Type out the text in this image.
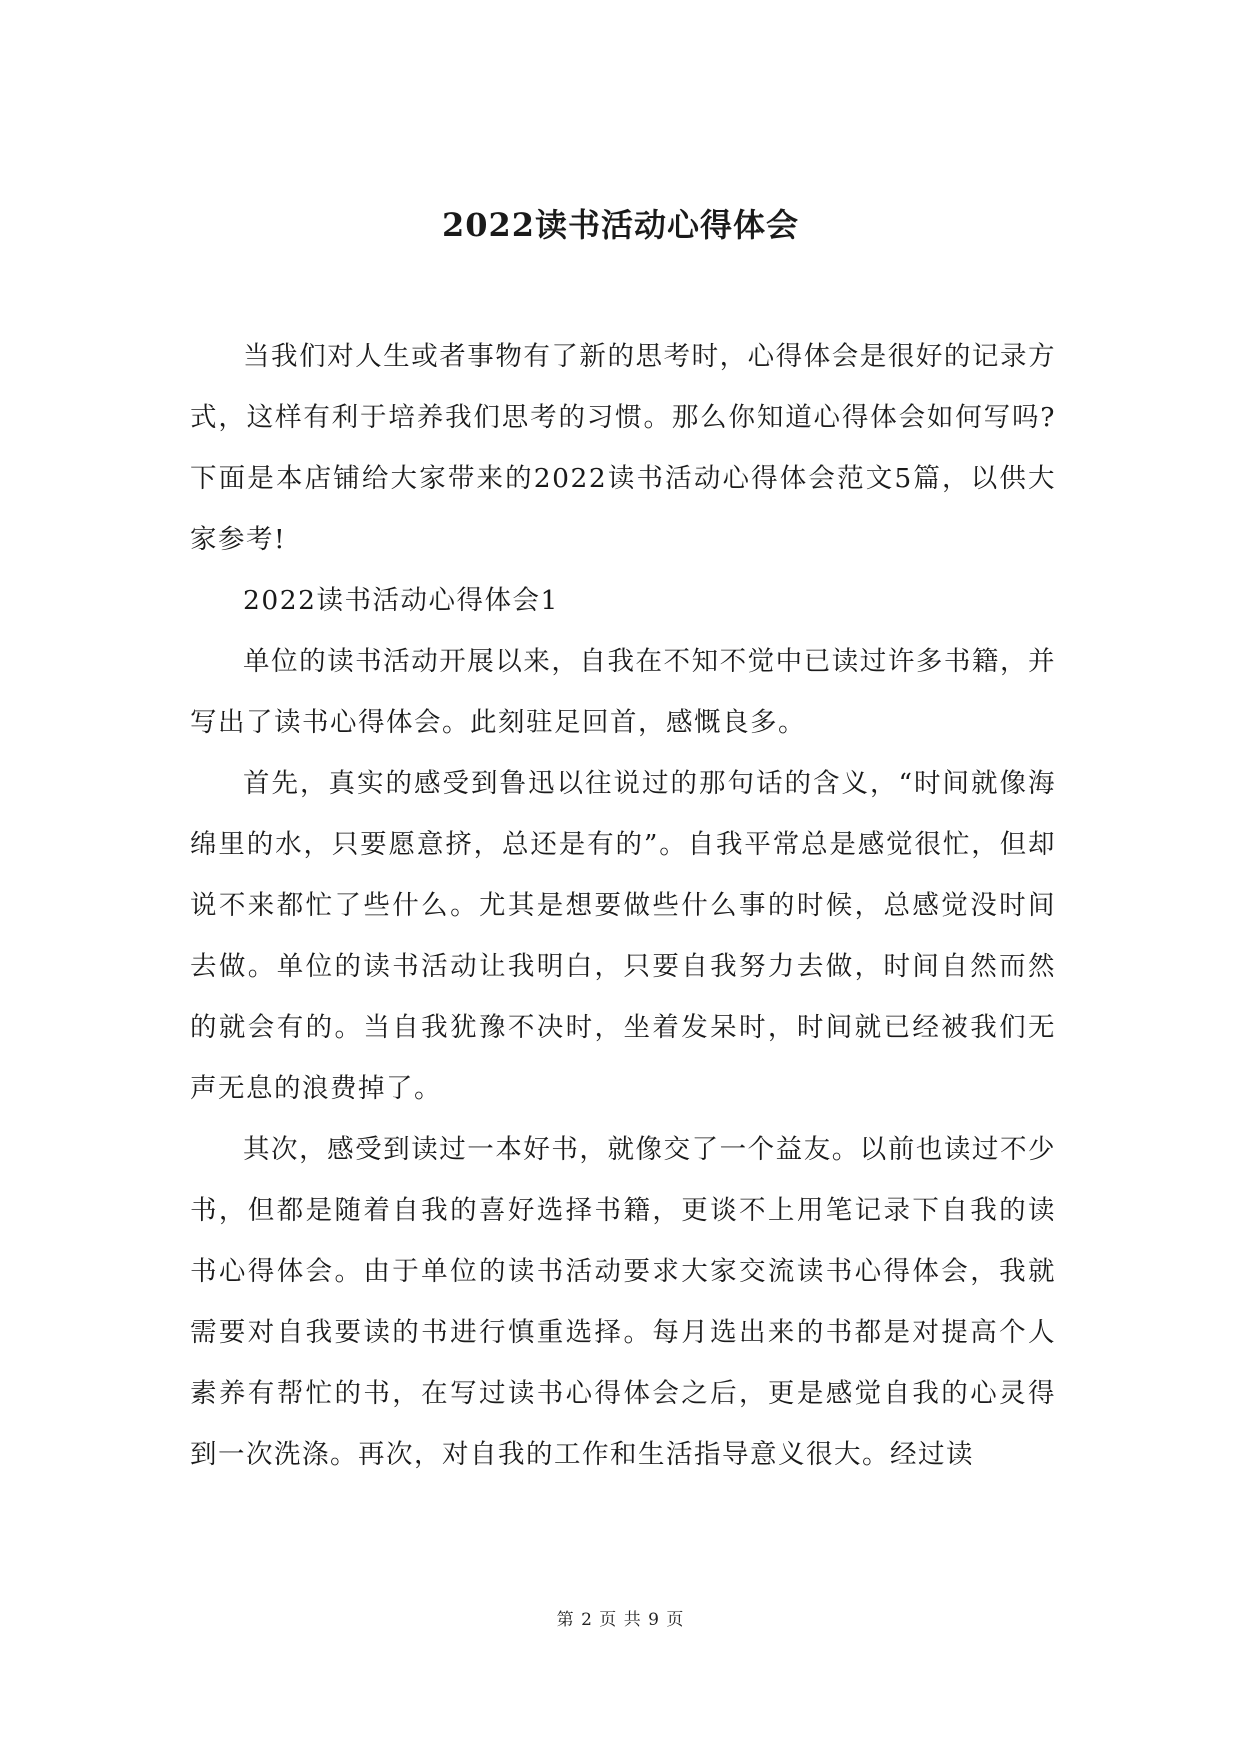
2022读书活动心得体会

当我们对人生或者事物有了新的思考时，心得体会是很好的记录方式，这样有利于培养我们思考的习惯。那么你知道心得体会如何写吗?下面是本店铺给大家带来的2022读书活动心得体会范文5篇，以供大家参考!

2022读书活动心得体会1

单位的读书活动开展以来，自我在不知不觉中已读过许多书籍，并写出了读书心得体会。此刻驻足回首，感慨良多。

首先，真实的感受到鲁迅以往说过的那句话的含义，“时间就像海绵里的水，只要愿意挤，总还是有的”。自我平常总是感觉很忙，但却说不来都忙了些什么。尤其是想要做些什么事的时候，总感觉没时间去做。单位的读书活动让我明白，只要自我努力去做，时间自然而然的就会有的。当自我犹豫不决时，坐着发呆时，时间就已经被我们无声无息的浪费掉了。

其次，感受到读过一本好书，就像交了一个益友。以前也读过不少书，但都是随着自我的喜好选择书籍，更谈不上用笔记录下自我的读书心得体会。由于单位的读书活动要求大家交流读书心得体会，我就需要对自我要读的书进行慎重选择。每月选出来的书都是对提高个人素养有帮忙的书，在写过读书心得体会之后，更是感觉自我的心灵得到一次洗涤。再次，对自我的工作和生活指导意义很大。经过读

第 2 页 共 9 页
